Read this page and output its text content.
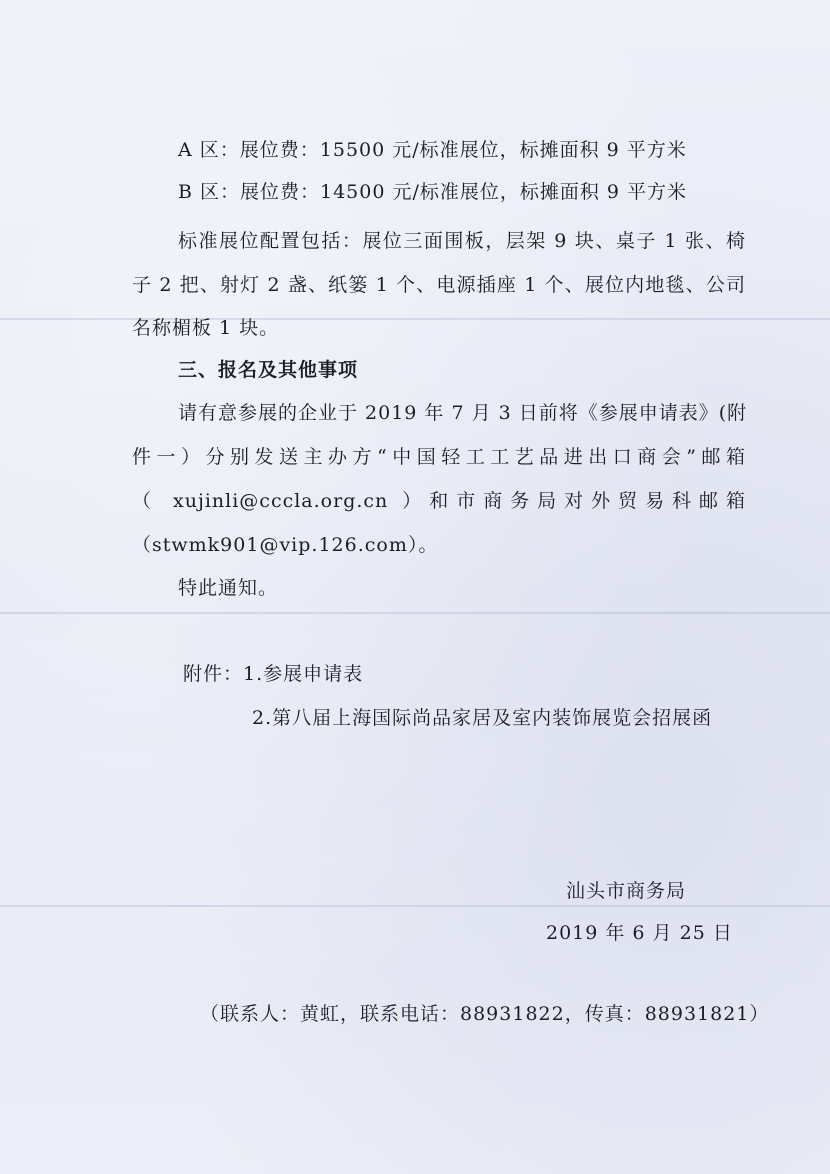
A 区：展位费：15500 元/标准展位，标摊面积 9 平方米
B 区：展位费：14500 元/标准展位，标摊面积 9 平方米
标准展位配置包括：展位三面围板，层架 9 块、桌子 1 张、椅
子 2 把、射灯 2 盏、纸篓 1 个、电源插座 1 个、展位内地毯、公司
名称楣板 1 块。
三、报名及其他事项
请有意参展的企业于 2019 年 7 月 3 日前将《参展申请表》(附
件一）分别发送主办方“中国轻工工艺品进出口商会”邮箱
（ xujinli@cccla.org.cn ）和市商务局对外贸易科邮箱
（stwmk901@vip.126.com）。
特此通知。
附件：1.参展申请表
2.第八届上海国际尚品家居及室内装饰展览会招展函
汕头市商务局
2019 年 6 月 25 日
（联系人：黄虹，联系电话：88931822，传真：88931821）
